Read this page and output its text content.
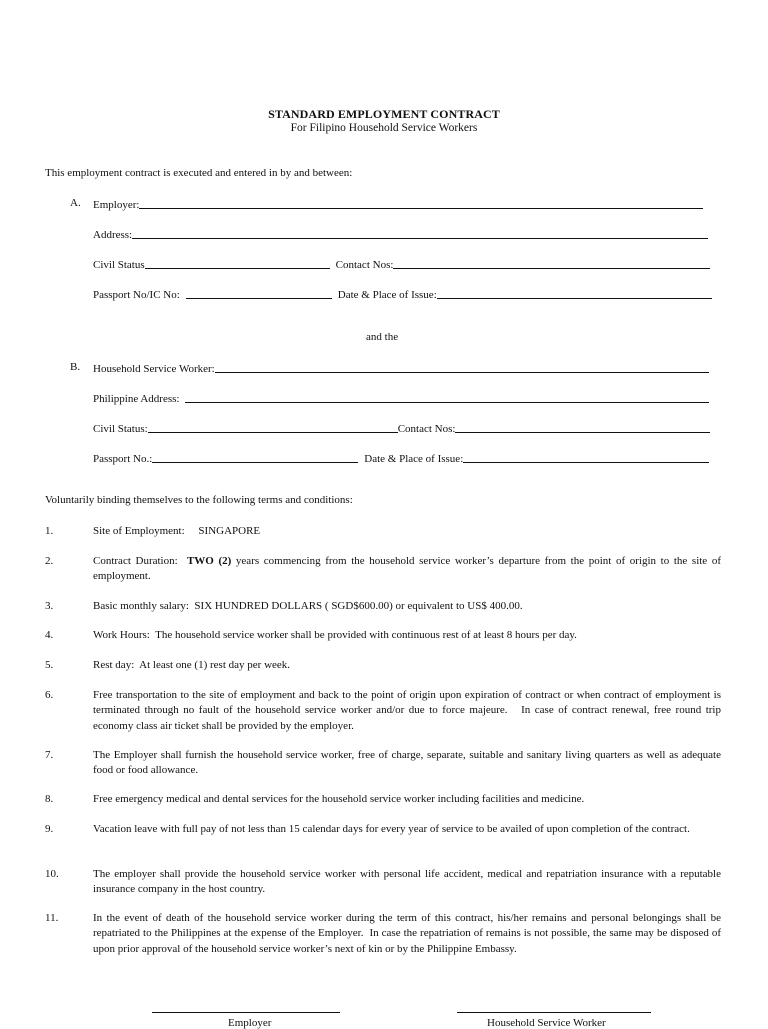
STANDARD EMPLOYMENT CONTRACT
For Filipino Household Service Workers
This employment contract is executed and entered in by and between:
A. Employer:
Address:
Civil Status	Contact Nos:
Passport No/IC No:	Date & Place of Issue:
and the
B. Household Service Worker:
Philippine Address:
Civil Status:	Contact Nos:
Passport No.:	Date & Place of Issue:
Voluntarily binding themselves to the following terms and conditions:
1.	Site of Employment:     SINGAPORE
2.	Contract Duration:  TWO (2) years commencing from the household service worker’s departure from the point of origin to the site of employment.
3.	Basic monthly salary:  SIX HUNDRED DOLLARS ( SGD$600.00) or equivalent to US$ 400.00.
4.	Work Hours:  The household service worker shall be provided with continuous rest of at least 8 hours per day.
5.	Rest day:  At least one (1) rest day per week.
6.	Free transportation to the site of employment and back to the point of origin upon expiration of contract or when contract of employment is terminated through no fault of the household service worker and/or due to force majeure.   In case of contract renewal, free round trip economy class air ticket shall be provided by the employer.
7.	The Employer shall furnish the household service worker, free of charge, separate, suitable and sanitary living quarters as well as adequate food or food allowance.
8.	Free emergency medical and dental services for the household service worker including facilities and medicine.
9.	Vacation leave with full pay of not less than 15 calendar days for every year of service to be availed of upon completion of the contract.
10.	The employer shall provide the household service worker with personal life accident, medical and repatriation insurance with a reputable insurance company in the host country.
11.	In the event of death of the household service worker during the term of this contract, his/her remains and personal belongings shall be repatriated to the Philippines at the expense of the Employer.  In case the repatriation of remains is not possible, the same may be disposed of upon prior approval of the household service worker’s next of kin or by the Philippine Embassy.
Employer	Household Service Worker
